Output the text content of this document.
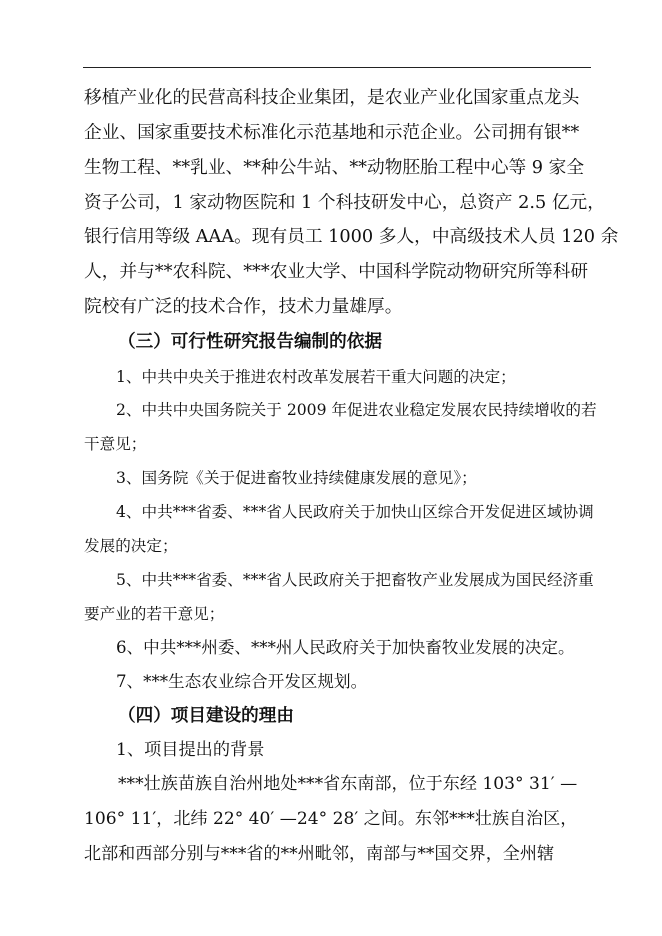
移植产业化的民营高科技企业集团，是农业产业化国家重点龙头
企业、国家重要技术标准化示范基地和示范企业。公司拥有银**
生物工程、**乳业、**种公牛站、**动物胚胎工程中心等 9 家全
资子公司，1 家动物医院和 1 个科技研发中心，总资产 2.5 亿元，
银行信用等级 AAA。现有员工 1000 多人，中高级技术人员 120 余
人，并与**农科院、***农业大学、中国科学院动物研究所等科研
院校有广泛的技术合作，技术力量雄厚。
（三）可行性研究报告编制的依据
1、中共中央关于推进农村改革发展若干重大问题的决定；
2、中共中央国务院关于 2009 年促进农业稳定发展农民持续增收的若
干意见；
3、国务院《关于促进畜牧业持续健康发展的意见》；
4、中共***省委、***省人民政府关于加快山区综合开发促进区域协调
发展的决定；
5、中共***省委、***省人民政府关于把畜牧产业发展成为国民经济重
要产业的若干意见；
6、中共***州委、***州人民政府关于加快畜牧业发展的决定。
7、***生态农业综合开发区规划。
（四）项目建设的理由
1、项目提出的背景
***壮族苗族自治州地处***省东南部，位于东经 103° 31′ —
106° 11′，北纬 22° 40′ —24° 28′ 之间。东邻***壮族自治区，
北部和西部分别与***省的**州毗邻，南部与**国交界，全州辖
